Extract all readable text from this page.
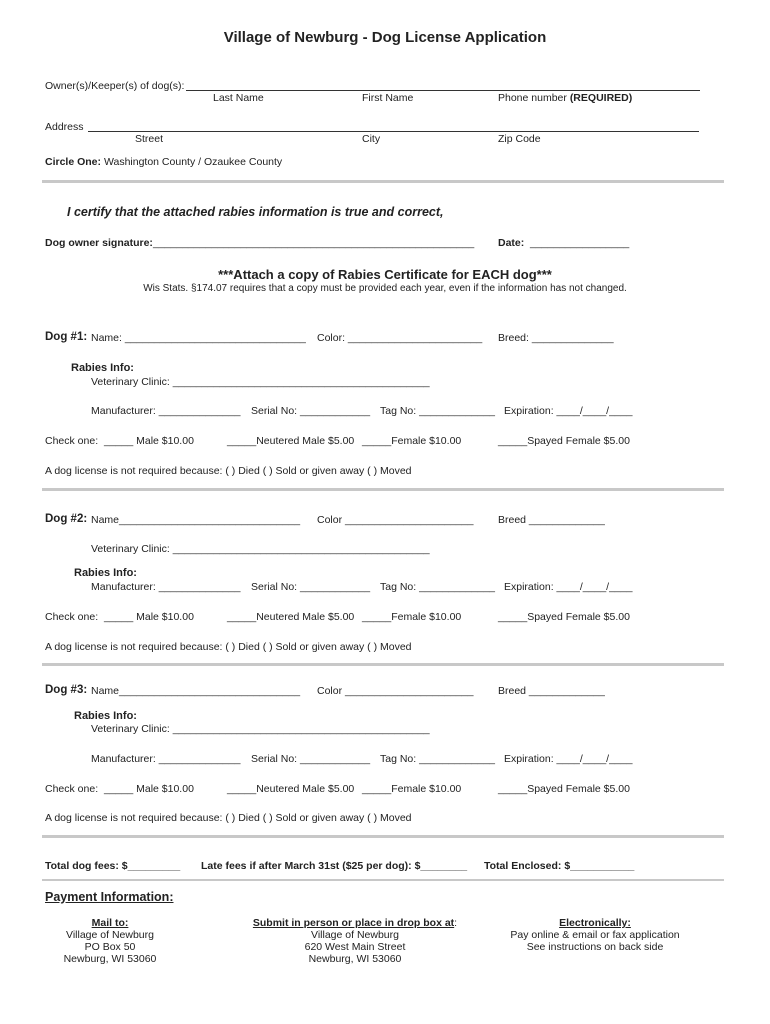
Village of Newburg - Dog License Application
Owner(s)/Keeper(s) of dog(s):
Last Name	First Name	Phone number (REQUIRED)
Address
Street	City	Zip Code
Circle One: Washington County / Ozaukee County
I certify that the attached rabies information is true and correct,
Dog owner signature: _______________________________________________________ Date: _________________
***Attach a copy of Rabies Certificate for EACH dog***
Wis Stats. §174.07 requires that a copy must be provided each year, even if the information has not changed.
Dog #1: Name: _______________________________ Color: _______________________ Breed: ______________
Rabies Info:
Veterinary Clinic: ____________________________________________
Manufacturer: ______________ Serial No: ____________ Tag No: _____________ Expiration: ____/____/____
Check one: _____ Male $10.00	_____Neutered Male $5.00 _____Female $10.00	_____Spayed Female $5.00
A dog license is not required because: ( ) Died ( ) Sold or given away ( ) Moved
Dog #2: Name_______________________________ Color ______________________ Breed _____________
Veterinary Clinic: ____________________________________________
Rabies Info:
Manufacturer: ______________ Serial No: ____________ Tag No: _____________ Expiration: ____/____/____
Check one: _____ Male $10.00	_____Neutered Male $5.00 _____Female $10.00	_____Spayed Female $5.00
A dog license is not required because: ( ) Died ( ) Sold or given away ( ) Moved
Dog #3: Name_______________________________ Color ______________________ Breed _____________
Rabies Info:
Veterinary Clinic: ____________________________________________
Manufacturer: ______________ Serial No: ____________ Tag No: _____________ Expiration: ____/____/____
Check one: _____ Male $10.00	_____Neutered Male $5.00 _____Female $10.00	_____Spayed Female $5.00
A dog license is not required because: ( ) Died ( ) Sold or given away ( ) Moved
Total dog fees: $_________ Late fees if after March 31st ($25 per dog): $________ Total Enclosed: $___________
Payment Information:
Mail to:
Village of Newburg
PO Box 50
Newburg, WI 53060
Submit in person or place in drop box at:
Village of Newburg
620 West Main Street
Newburg, WI 53060
Electronically:
Pay online & email or fax application
See instructions on back side
